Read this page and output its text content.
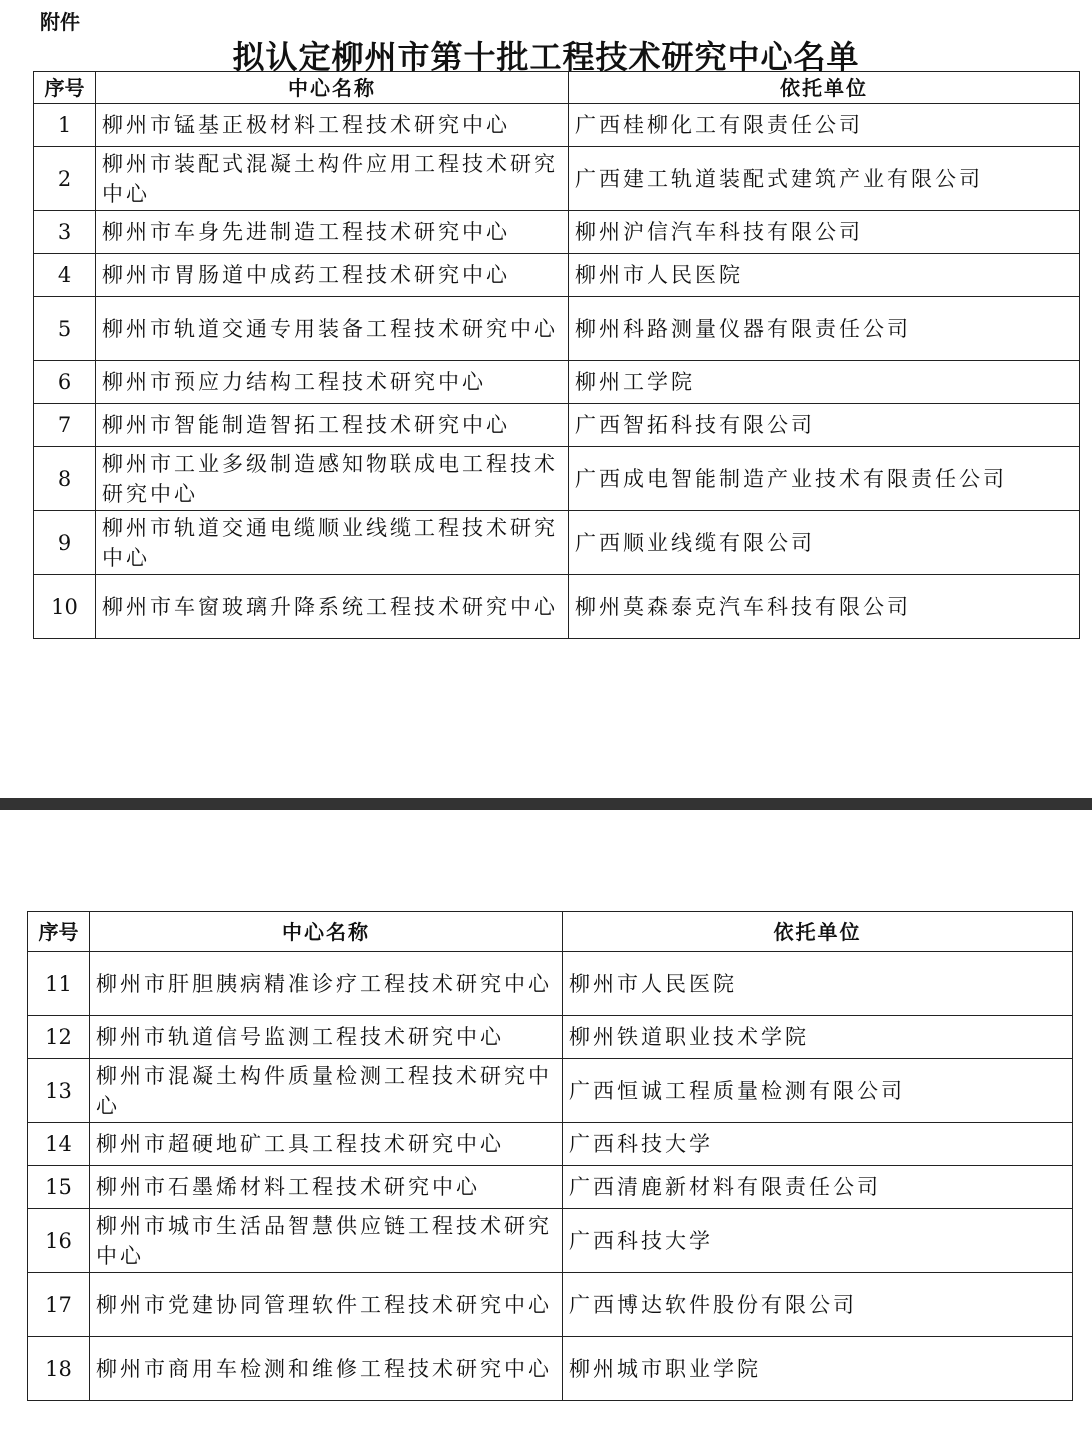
附件
拟认定柳州市第十批工程技术研究中心名单
序号	中心名称	依托单位
1	柳州市锰基正极材料工程技术研究中心	广西桂柳化工有限责任公司
2	柳州市装配式混凝土构件应用工程技术研究中心	广西建工轨道装配式建筑产业有限公司
3	柳州市车身先进制造工程技术研究中心	柳州沪信汽车科技有限公司
4	柳州市胃肠道中成药工程技术研究中心	柳州市人民医院
5	柳州市轨道交通专用装备工程技术研究中心	柳州科路测量仪器有限责任公司
6	柳州市预应力结构工程技术研究中心	柳州工学院
7	柳州市智能制造智拓工程技术研究中心	广西智拓科技有限公司
8	柳州市工业多级制造感知物联成电工程技术研究中心	广西成电智能制造产业技术有限责任公司
9	柳州市轨道交通电缆顺业线缆工程技术研究中心	广西顺业线缆有限公司
10	柳州市车窗玻璃升降系统工程技术研究中心	柳州莫森泰克汽车科技有限公司
序号	中心名称	依托单位
11	柳州市肝胆胰病精准诊疗工程技术研究中心	柳州市人民医院
12	柳州市轨道信号监测工程技术研究中心	柳州铁道职业技术学院
13	柳州市混凝土构件质量检测工程技术研究中心	广西恒诚工程质量检测有限公司
14	柳州市超硬地矿工具工程技术研究中心	广西科技大学
15	柳州市石墨烯材料工程技术研究中心	广西清鹿新材料有限责任公司
16	柳州市城市生活品智慧供应链工程技术研究中心	广西科技大学
17	柳州市党建协同管理软件工程技术研究中心	广西博达软件股份有限公司
18	柳州市商用车检测和维修工程技术研究中心	柳州城市职业学院
